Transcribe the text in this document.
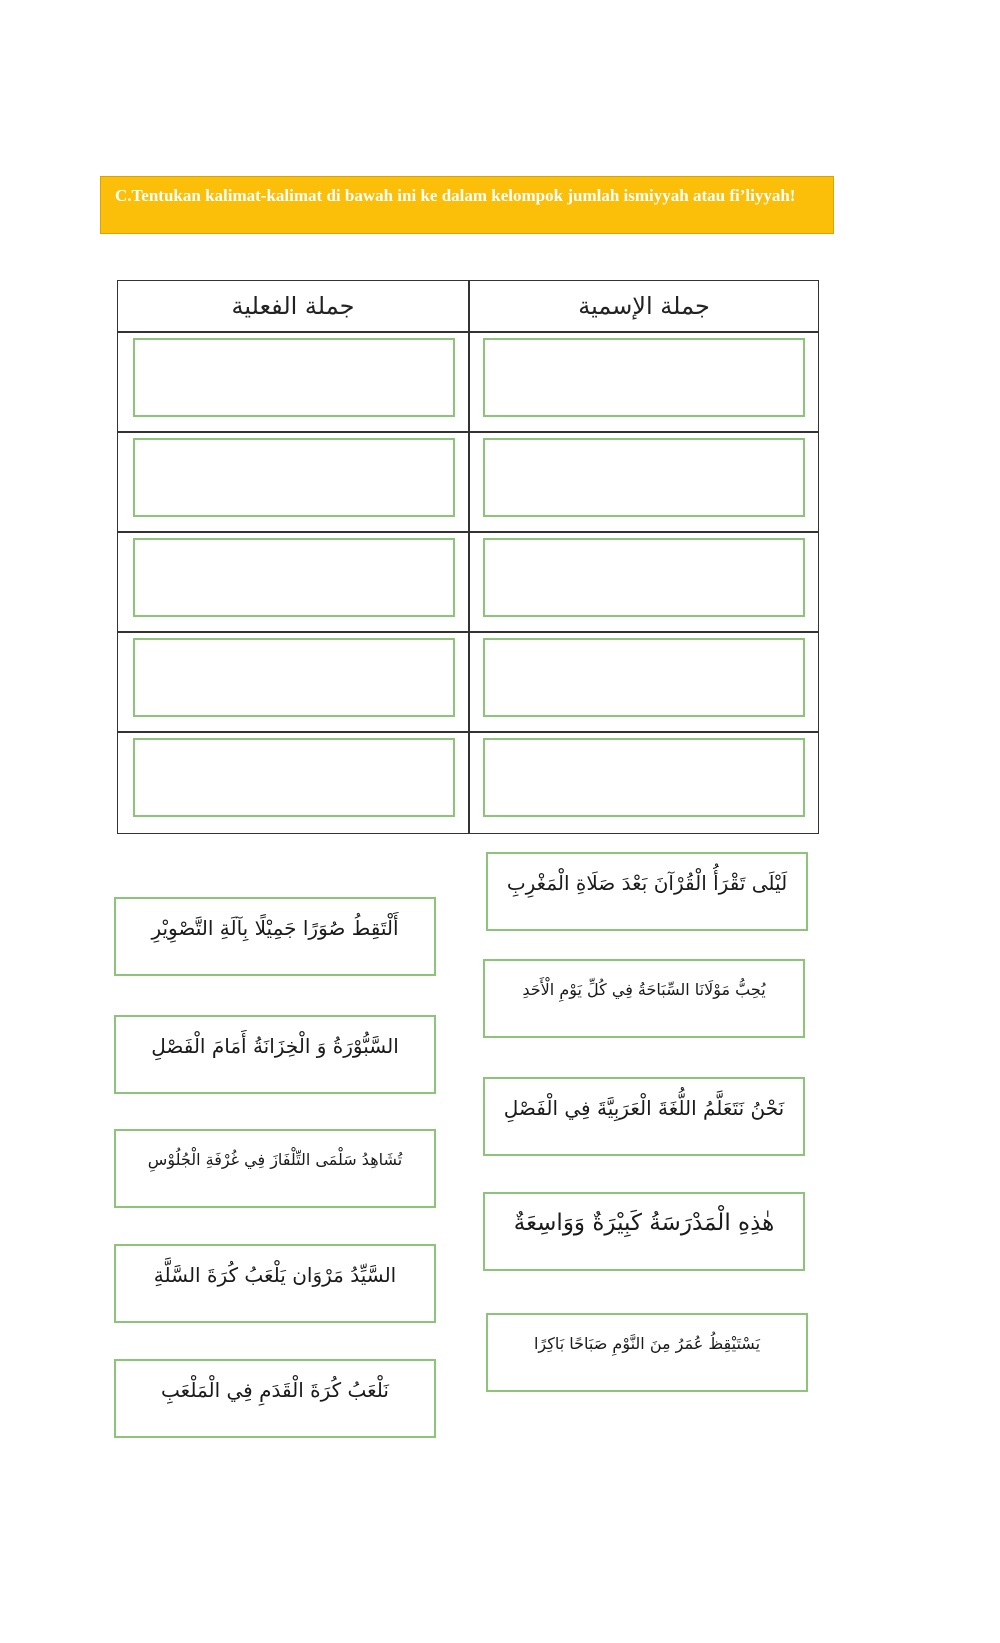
C.Tentukan kalimat-kalimat di bawah ini ke dalam kelompok jumlah ismiyyah atau fi’liyyah!
جملة الفعلية	جملة الإسمية
أَلْتَقِطُ صُوَرًا جَمِيْلًا بِآلَةِ التَّصْوِيْرِ
السَّبُّوْرَةُ وَ الْخِزَانَةُ أَمَامَ الْفَصْلِ
تُشَاهِدُ سَلْمَى التِّلْفَازَ فِي غُرْفَةِ الْجُلُوْسِ
السَّيِّدُ مَرْوَان يَلْعَبُ كُرَةَ السَّلَّةِ
نَلْعَبُ كُرَةَ الْقَدَمِ فِي الْمَلْعَبِ
لَيْلَى تَقْرَأُ الْقُرْآنَ بَعْدَ صَلَاةِ الْمَغْرِبِ
يُحِبُّ مَوْلَانَا السِّبَاحَةُ فِي كُلِّ يَوْمِ الْأَحَدِ
نَحْنُ نَتَعَلَّمُ اللُّغَةَ الْعَرَبِيَّةَ فِي الْفَصْلِ
هٰذِهِ الْمَدْرَسَةُ كَبِيْرَةٌ وَوَاسِعَةٌ
يَسْتَيْقِظُ عُمَرُ مِنَ النَّوْمِ صَبَاحًا بَاكِرًا
